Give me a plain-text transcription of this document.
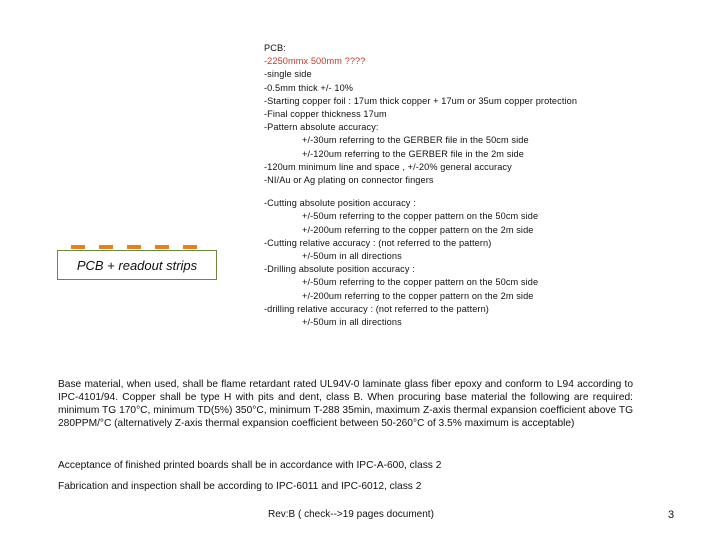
PCB:
-2250mmx 500mm ????
-single side
-0.5mm thick +/- 10%
-Starting copper foil : 17um thick copper + 17um or 35um copper protection
-Final copper thickness 17um
-Pattern absolute accuracy:
+/-30um referring to the GERBER file in the 50cm side
+/-120um referring to the GERBER file in the 2m side
-120um minimum line and space , +/-20% general accuracy
-NI/Au or Ag plating on connector fingers
-Cutting absolute position accuracy :
+/-50um referring to the copper pattern on the 50cm side
+/-200um referring to the copper pattern on the 2m side
-Cutting relative accuracy : (not referred to the pattern)
+/-50um in all directions
-Drilling absolute position accuracy :
+/-50um referring to the copper pattern on the 50cm side
+/-200um referring to the copper pattern on the 2m side
-drilling relative accuracy : (not referred to the pattern)
+/-50um in all directions
PCB + readout strips
Base material, when used, shall be flame retardant rated UL94V-0 laminate glass fiber epoxy and conform to L94 according to IPC-4101/94. Copper shall be type H with pits and dent, class B. When procuring base material the following are required: minimum TG 170°C, minimum TD(5%) 350°C, minimum T-288 35min, maximum Z-axis thermal expansion coefficient above TG 280PPM/°C (alternatively Z-axis thermal expansion coefficient between 50-260°C of 3.5% maximum is acceptable)
Acceptance of finished printed boards shall be in accordance with IPC-A-600, class 2
Fabrication and inspection shall be according to IPC-6011 and IPC-6012, class 2
Rev:B ( check-->19 pages document)	3
